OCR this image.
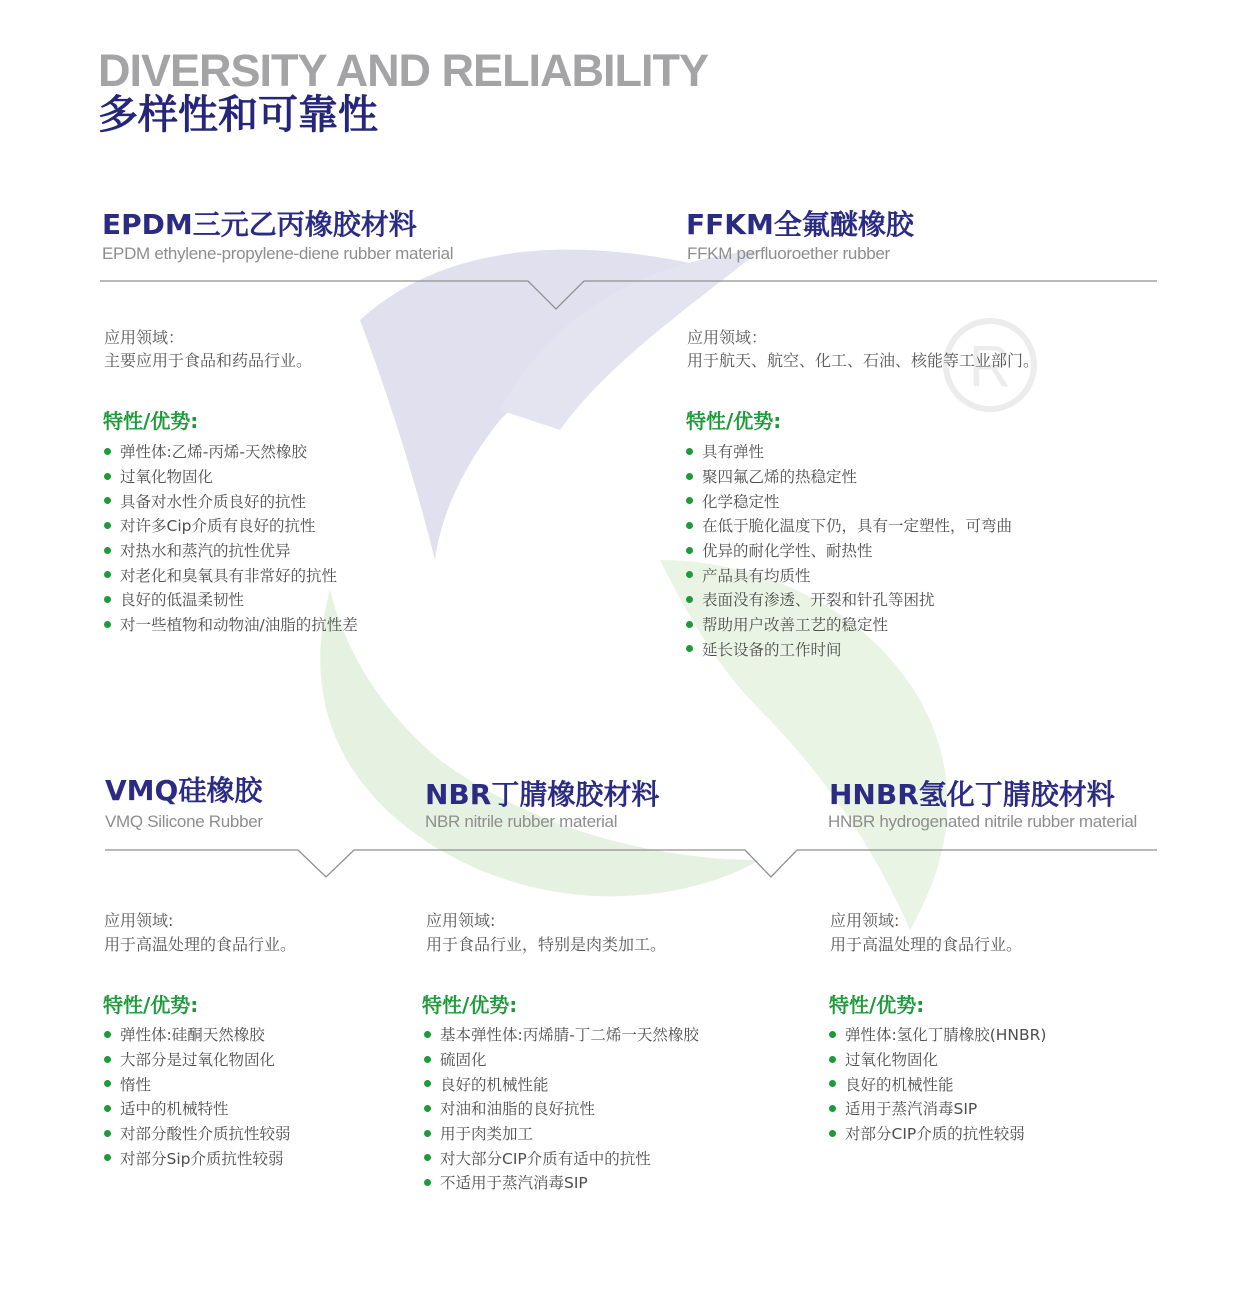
R
DIVERSITY AND RELIABILITY
多样性和可靠性
EPDM三元乙丙橡胶材料
EPDM ethylene-propylene-diene rubber material
应用领域：
主要应用于食品和药品行业。
特性/优势:
弹性体:乙烯-丙烯-天然橡胶
过氧化物固化
具备对水性介质良好的抗性
对许多Cip介质有良好的抗性
对热水和蒸汽的抗性优异
对老化和臭氧具有非常好的抗性
良好的低温柔韧性
对一些植物和动物油/油脂的抗性差
FFKM全氟醚橡胶
FFKM perfluoroether rubber
应用领域：
用于航天、航空、化工、石油、核能等工业部门。
特性/优势:
具有弹性
聚四氟乙烯的热稳定性
化学稳定性
在低于脆化温度下仍，具有一定塑性，可弯曲
优异的耐化学性、耐热性
产品具有均质性
表面没有渗透、开裂和针孔等困扰
帮助用户改善工艺的稳定性
延长设备的工作时间
VMQ硅橡胶
VMQ Silicone Rubber
应用领域:
用于高温处理的食品行业。
特性/优势:
弹性体:硅酮天然橡胶
大部分是过氧化物固化
惰性
适中的机械特性
对部分酸性介质抗性较弱
对部分Sip介质抗性较弱
NBR丁腈橡胶材料
NBR nitrile rubber material
应用领域:
用于食品行业，特别是肉类加工。
特性/优势:
基本弹性体:丙烯腈-丁二烯一天然橡胶
硫固化
良好的机械性能
对油和油脂的良好抗性
用于肉类加工
对大部分CIP介质有适中的抗性
不适用于蒸汽消毒SIP
HNBR氢化丁腈胶材料
HNBR hydrogenated nitrile rubber material
应用领域:
用于高温处理的食品行业。
特性/优势:
弹性体:氢化丁腈橡胶(HNBR)
过氧化物固化
良好的机械性能
适用于蒸汽消毒SIP
对部分CIP介质的抗性较弱
